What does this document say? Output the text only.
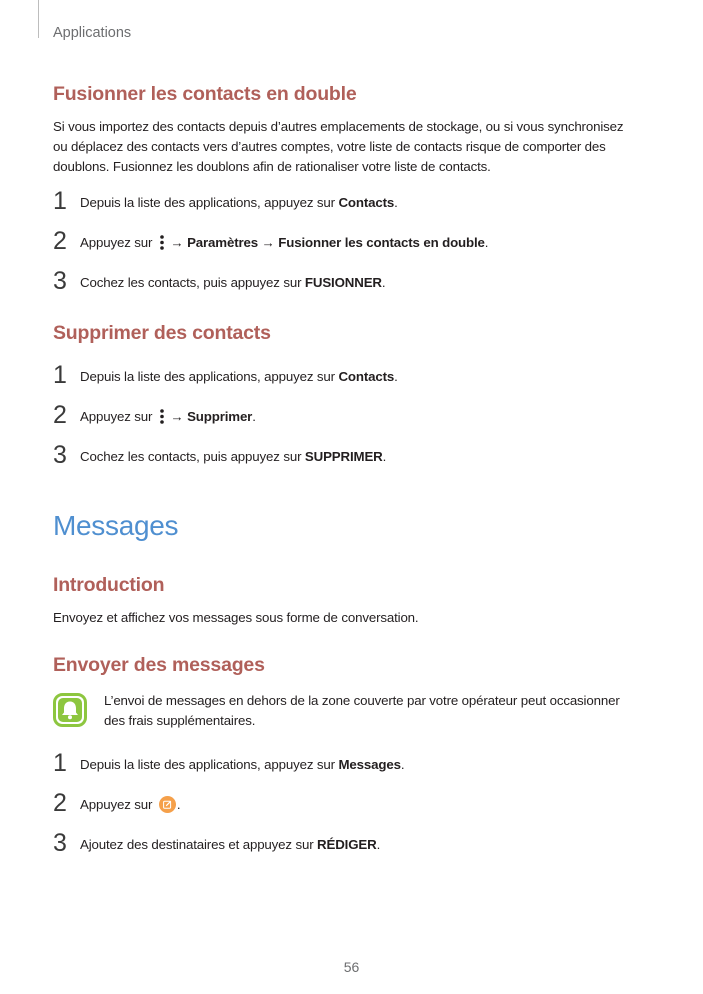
Applications
Fusionner les contacts en double

Si vous importez des contacts depuis d’autres emplacements de stockage, ou si vous synchronisez

ou déplacez des contacts vers d’autres comptes, votre liste de contacts risque de comporter des

doublons. Fusionnez les doublons afin de rationaliser votre liste de contacts.

1 Depuis la liste des applications, appuyez sur Contacts.
2 Appuyez sur  → Paramètres → Fusionner les contacts en double.
3 Cochez les contacts, puis appuyez sur FUSIONNER.
Supprimer des contacts
1 Depuis la liste des applications, appuyez sur Contacts.
2 Appuyez sur  → Supprimer.
3 Cochez les contacts, puis appuyez sur SUPPRIMER.
Messages
Introduction

Envoyez et affichez vos messages sous forme de conversation.

Envoyer des messages

L’envoi de messages en dehors de la zone couverte par votre opérateur peut occasionner

des frais supplémentaires.

1 Depuis la liste des applications, appuyez sur Messages.
2 Appuyez sur .
3 Ajoutez des destinataires et appuyez sur RÉDIGER.
56
